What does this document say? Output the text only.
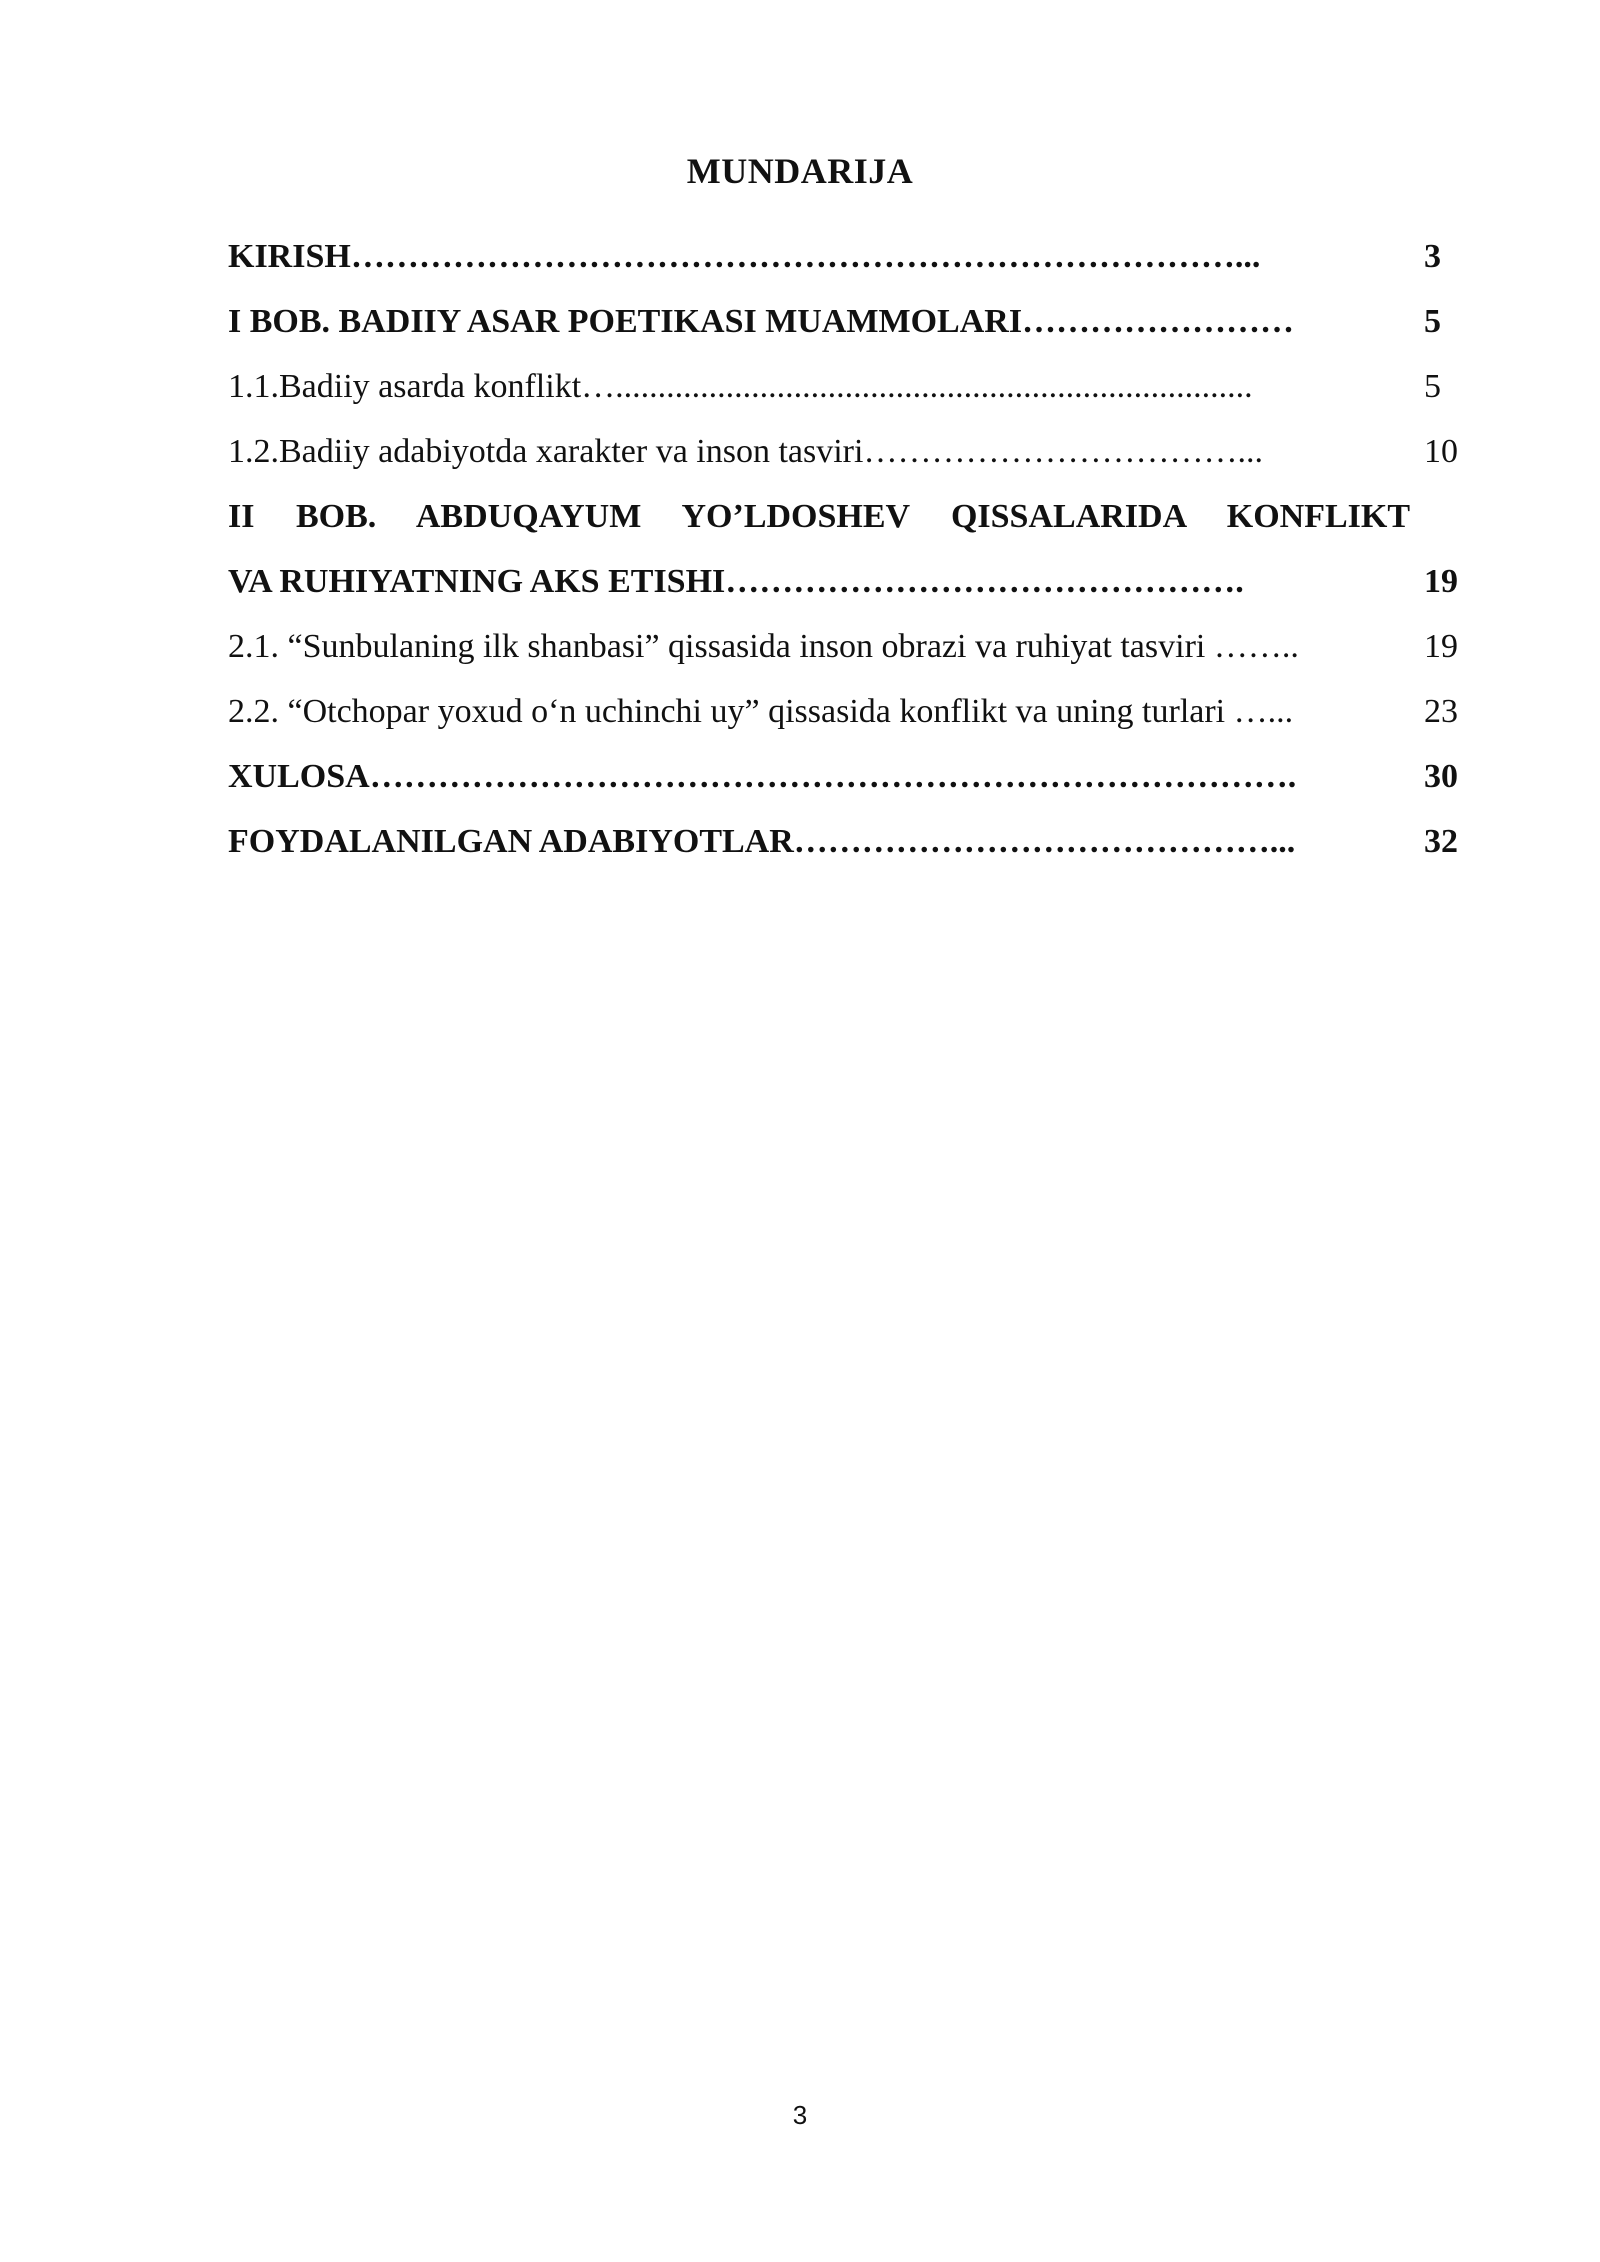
MUNDARIJA
KIRISH……………………………………………………………………...	3
I BOB. BADIIY ASAR POETIKASI MUAMMOLARI……………………	5
1.1.Badiiy asarda konflikt…...........................................................................	5
1.2.Badiiy adabiyotda xarakter va inson tasviri……………………………...	10
II BOB. ABDUQAYUM YO’LDOSHEV QISSALARIDA KONFLIKT
VA RUHIYATNING AKS ETISHI……………………………………….	19
2.1. “Sunbulaning ilk shanbasi” qissasida inson obrazi va ruhiyat tasviri ……..	19
2.2. “Otchopar yoxud o‘n uchinchi uy” qissasida konflikt va uning turlari …...	23
XULOSA……………………………………………………………………….	30
FOYDALANILGAN ADABIYOTLAR……………………………………...	32

3
